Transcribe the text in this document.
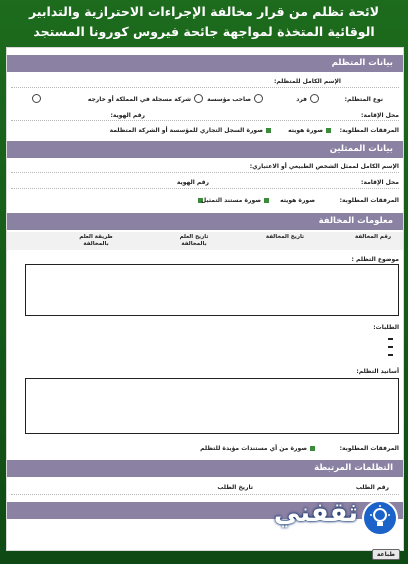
لائحة تظلم من قرار مخالفة الإجراءات الاحترازية والتدابير
الوقائية المتخذة لمواجهة جائحة فيروس كورونا المستجد
بيانات المتظلم
الإسم الكامل للمتظلم:
نوع المتظلم:
فرد
صاحب مؤسسة
شركة مسجلة في المملكة أو خارجه
محل الإقامة:
رقم الهوية:
المرفقات المطلوبة:
صورة هويته
صورة السجل التجاري للمؤسسة أو الشركة المتظلمة
بيانات الممثلين
الإسم الكامل لممثل الشخص الطبيعي أو الاعتباري:
محل الإقامة:
رقم الهوية
المرفقات المطلوبة:
صورة هويته
صورة مستند التمثيل
معلومات المخالفة
رقم المخالفة
تاريخ المخالفة
تاريخ العلم بالمخالفة
طريقة العلم بالمخالفة
موضوع التظلم :
الطلبات:
أسانيد التظلم:
المرفقات المطلوبة:
صورة من أي مستندات مؤيدة للتظلم
التظلمات المرتبطة
رقم الطلب
تاريخ الطلب
ثقفني
طباعة
